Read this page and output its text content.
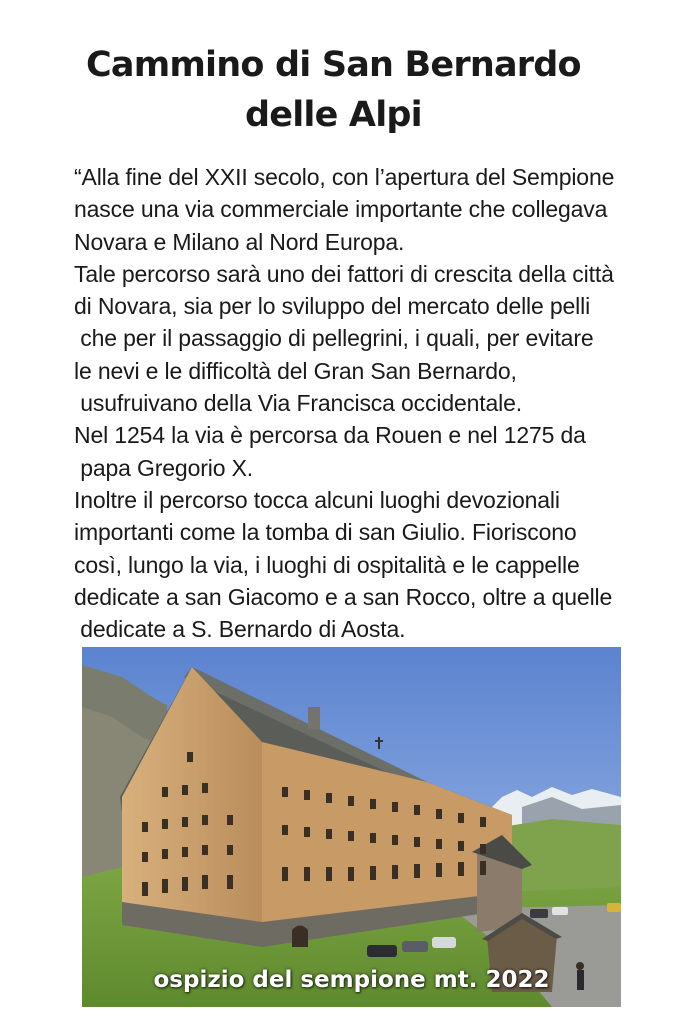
Cammino di San Bernardo
delle Alpi
“Alla fine del XXII secolo, con l’apertura del Sempione
nasce una via commerciale importante che collegava
Novara e Milano al Nord Europa.
Tale percorso sarà uno dei fattori di crescita della città
di Novara, sia per lo sviluppo del mercato delle pelli
che per il passaggio di pellegrini, i quali, per evitare
le nevi e le difficoltà del Gran San Bernardo,
usufruivano della Via Francisca occidentale.
Nel 1254 la via è percorsa da Rouen e nel 1275 da
papa Gregorio X.
Inoltre il percorso tocca alcuni luoghi devozionali
importanti come la tomba di san Giulio. Fioriscono
così, lungo la via, i luoghi di ospitalità e le cappelle
dedicate a san Giacomo e a san Rocco, oltre a quelle
dedicate a S. Bernardo di Aosta.
ospizio del sempione mt. 2022
